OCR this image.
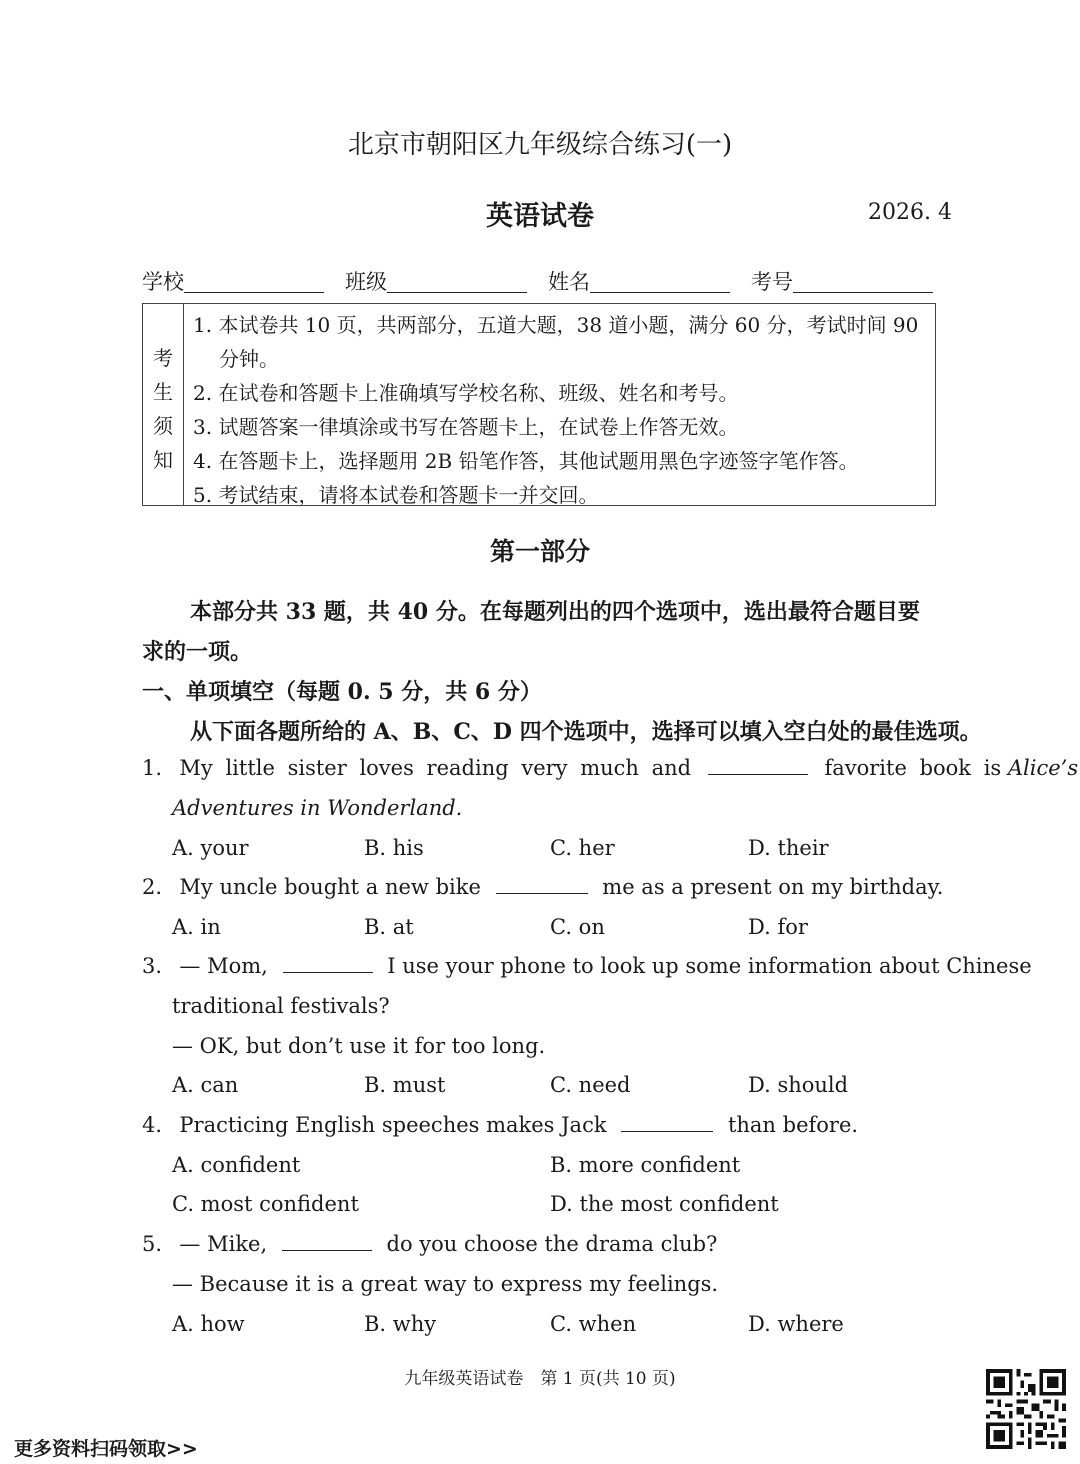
北京市朝阳区九年级综合练习(一)
英语试卷	2026. 4
学校	班级	姓名	考号
考
生
须
知
1. 本试卷共 10 页，共两部分，五道大题，38 道小题，满分 60 分，考试时间 90
分钟。
2. 在试卷和答题卡上准确填写学校名称、班级、姓名和考号。
3. 试题答案一律填涂或书写在答题卡上，在试卷上作答无效。
4. 在答题卡上，选择题用 2B 铅笔作答，其他试题用黑色字迹签字笔作答。
5. 考试结束，请将本试卷和答题卡一并交回。
第一部分
本部分共 33 题，共 40 分。在每题列出的四个选项中，选出最符合题目要
求的一项。
一、单项填空（每题 0. 5 分，共 6 分）
从下面各题所给的 A、B、C、D 四个选项中，选择可以填入空白处的最佳选项。
1. My little sister loves reading very much and	favorite book is Alice’s
Adventures in Wonderland.
A. your	B. his	C. her	D. their
2. My uncle bought a new bike	me as a present on my birthday.
A. in	B. at	C. on	D. for
3. — Mom,	I use your phone to look up some information about Chinese
traditional festivals?
— OK, but don’t use it for too long.
A. can	B. must	C. need	D. should
4. Practicing English speeches makes Jack	than before.
A. confident	B. more confident
C. most confident	D. the most confident
5. — Mike,	do you choose the drama club?
— Because it is a great way to express my feelings.
A. how	B. why	C. when	D. where
九年级英语试卷　第 1 页(共 10 页)
更多资料扫码领取>>
